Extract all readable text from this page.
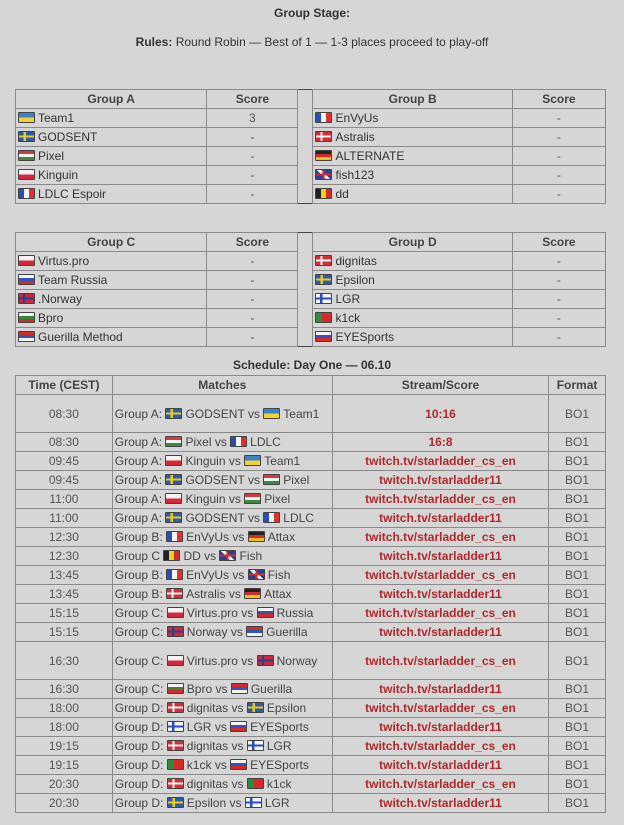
Group Stage:
Rules: Round Robin — Best of 1 — 1-3 places proceed to play-off
Group A	Score		Group B	Score
Team1	3		EnVyUs	-
GODSENT	-		Astralis	-
Pixel	-		ALTERNATE	-
Kinguin	-		fish123	-
LDLC Espoir	-		dd	-
Group C	Score		Group D	Score
Virtus.pro	-		dignitas	-
Team Russia	-		Epsilon	-
.Norway	-		LGR	-
Bpro	-		k1ck	-
Guerilla Method	-		EYESports	-
Schedule: Day One — 06.10
Time (CEST)	Matches	Stream/Score	Format
08:30	Group A: GODSENT vs Team1	10:16	BO1
08:30	Group A: Pixel vs LDLC	16:8	BO1
09:45	Group A: Kinguin vs Team1	twitch.tv/starladder_cs_en	BO1
09:45	Group A: GODSENT vs Pixel	twitch.tv/starladder11	BO1
11:00	Group A: Kinguin vs Pixel	twitch.tv/starladder_cs_en	BO1
11:00	Group A: GODSENT vs LDLC	twitch.tv/starladder11	BO1
12:30	Group B: EnVyUs vs Attax	twitch.tv/starladder_cs_en	BO1
12:30	Group C DD vs Fish	twitch.tv/starladder11	BO1
13:45	Group B: EnVyUs vs Fish	twitch.tv/starladder_cs_en	BO1
13:45	Group B: Astralis vs Attax	twitch.tv/starladder11	BO1
15:15	Group C: Virtus.pro vs Russia	twitch.tv/starladder_cs_en	BO1
15:15	Group C: Norway vs Guerilla	twitch.tv/starladder11	BO1
16:30	Group C: Virtus.pro vs Norway	twitch.tv/starladder_cs_en	BO1
16:30	Group C: Bpro vs Guerilla	twitch.tv/starladder11	BO1
18:00	Group D: dignitas vs Epsilon	twitch.tv/starladder_cs_en	BO1
18:00	Group D: LGR vs EYESports	twitch.tv/starladder11	BO1
19:15	Group D: dignitas vs LGR	twitch.tv/starladder_cs_en	BO1
19:15	Group D: k1ck vs EYESports	twitch.tv/starladder11	BO1
20:30	Group D: dignitas vs k1ck	twitch.tv/starladder_cs_en	BO1
20:30	Group D: Epsilon vs LGR	twitch.tv/starladder11	BO1
